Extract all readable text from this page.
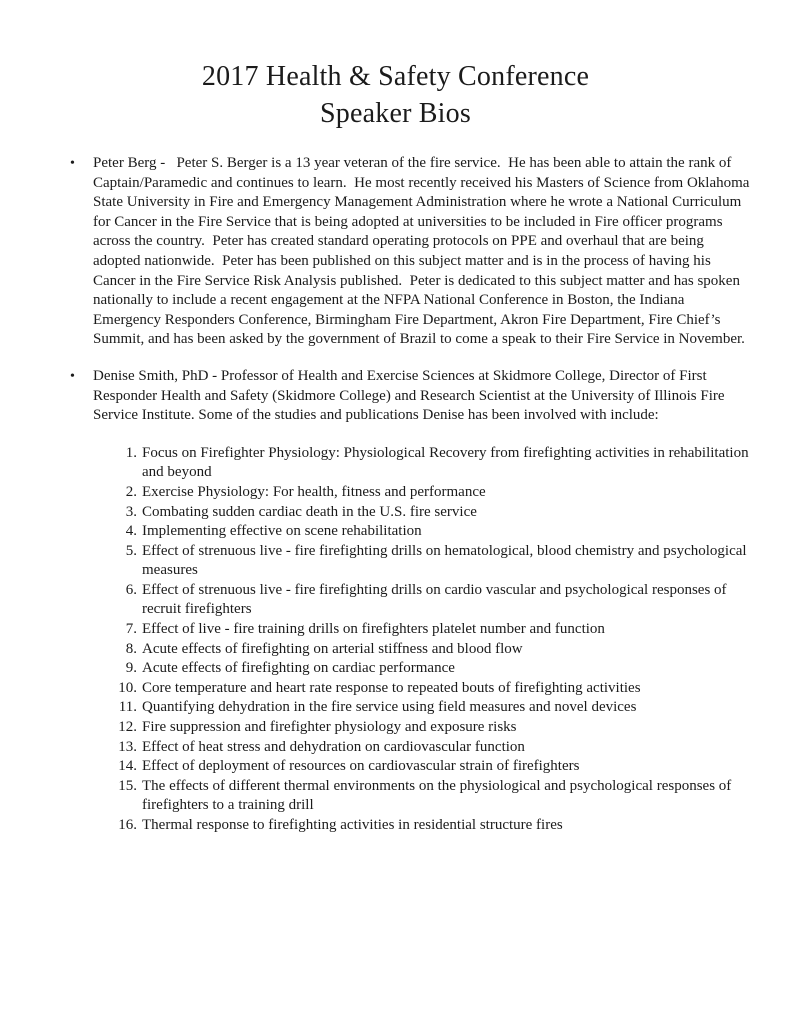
2017 Health & Safety Conference
Speaker Bios
•	Peter Berg -   Peter S. Berger is a 13 year veteran of the fire service.  He has been able to attain the rank of Captain/Paramedic and continues to learn.  He most recently received his Masters of Science from Oklahoma State University in Fire and Emergency Management Administration where he wrote a National Curriculum for Cancer in the Fire Service that is being adopted at universities to be included in Fire officer programs across the country.  Peter has created standard operating protocols on PPE and overhaul that are being adopted nationwide.  Peter has been published on this subject matter and is in the process of having his Cancer in the Fire Service Risk Analysis published.  Peter is dedicated to this subject matter and has spoken nationally to include a recent engagement at the NFPA National Conference in Boston, the Indiana Emergency Responders Conference, Birmingham Fire Department, Akron Fire Department, Fire Chief’s Summit, and has been asked by the government of Brazil to come a speak to their Fire Service in November.

•	Denise Smith, PhD - Professor of Health and Exercise Sciences at Skidmore College, Director of First Responder Health and Safety (Skidmore College) and Research Scientist at the University of Illinois Fire Service Institute. Some of the studies and publications Denise has been involved with include:

1. Focus on Firefighter Physiology: Physiological Recovery from firefighting activities in rehabilitation and beyond
2. Exercise Physiology: For health, fitness and performance
3. Combating sudden cardiac death in the U.S. fire service
4. Implementing effective on scene rehabilitation
5. Effect of strenuous live - fire firefighting drills on hematological, blood chemistry and psychological measures
6. Effect of strenuous live - fire firefighting drills on cardio vascular and psychological responses of recruit firefighters
7. Effect of live - fire training drills on firefighters platelet number and function
8. Acute effects of firefighting on arterial stiffness and blood flow
9. Acute effects of firefighting on cardiac performance
10. Core temperature and heart rate response to repeated bouts of firefighting activities
11. Quantifying dehydration in the fire service using field measures and novel devices
12. Fire suppression and firefighter physiology and exposure risks
13. Effect of heat stress and dehydration on cardiovascular function
14. Effect of deployment of resources on cardiovascular strain of firefighters
15. The effects of different thermal environments on the physiological and psychological responses of firefighters to a training drill
16. Thermal response to firefighting activities in residential structure fires
